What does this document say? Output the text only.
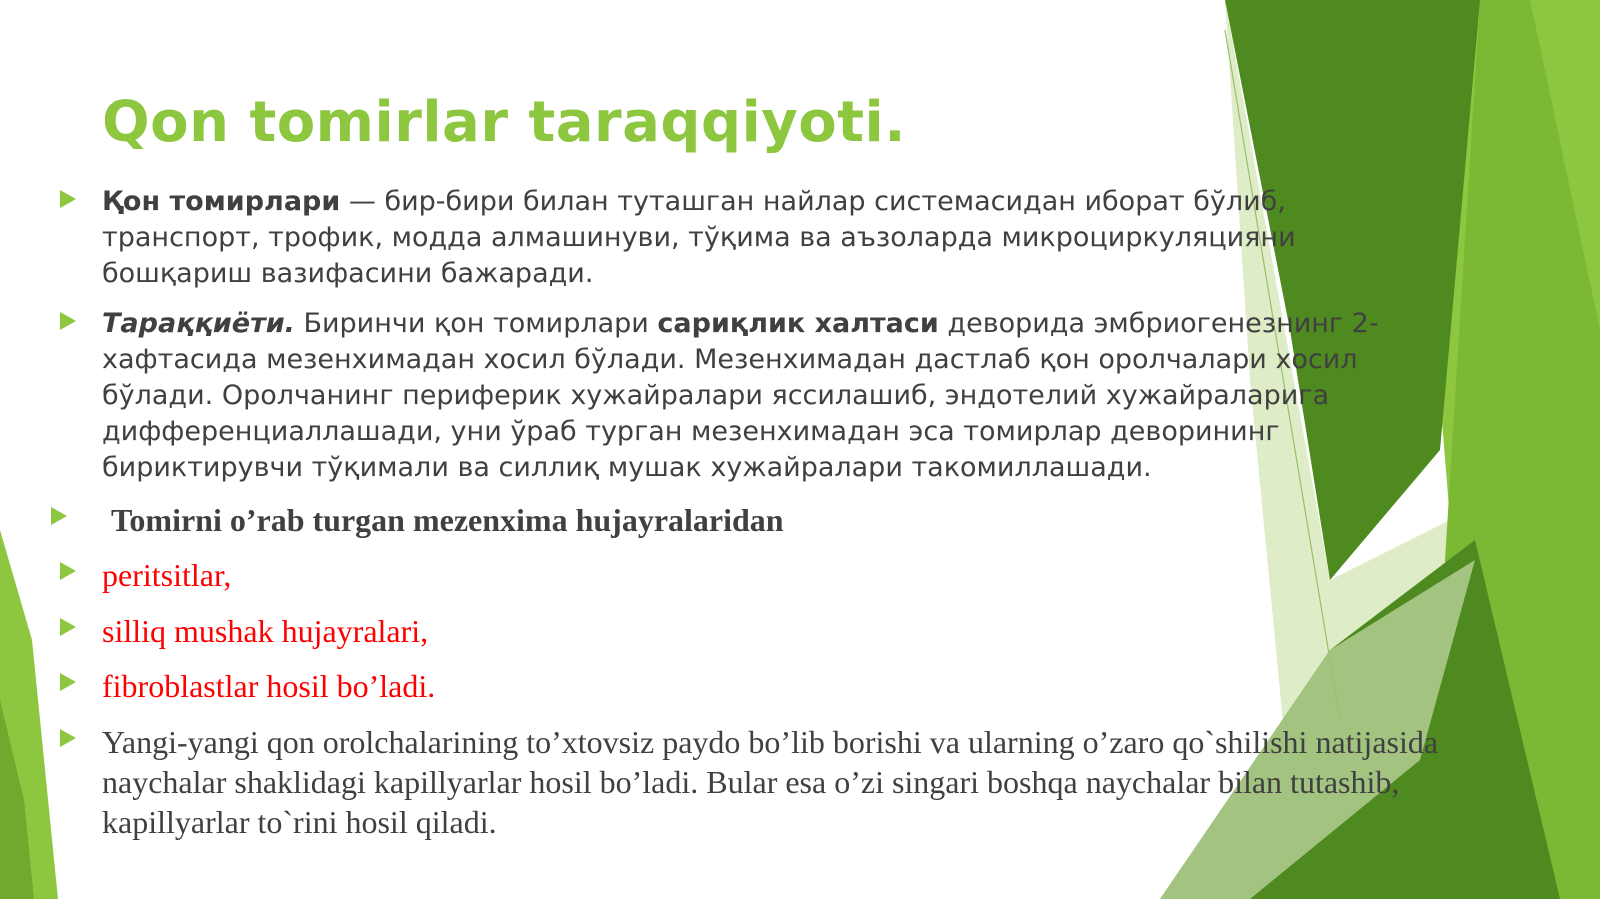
Qon tomirlar taraqqiyoti.
Қон томирлари — бир-бири билан туташган найлар системасидан иборат бўлиб, транспорт, трофик, модда алмашинуви, тўқима ва аъзоларда микроциркуляцияни бошқариш вазифасини бажаради.
Тараққиёти. Биринчи қон томирлари сариқлик халтаси деворида эмбриогенезнинг 2-хафтасида мезенхимадан хосил бўлади. Мезенхимадан дастлаб қон оролчалари хосил бўлади. Оролчанинг периферик хужайралари яссилашиб, эндотелий хужайраларига дифференциаллашади, уни ўраб турган мезенхимадан эса томирлар деворининг бириктирувчи тўқимали ва силлиқ мушак хужайралари такомиллашади.
Tomirni o’rab turgan mezenxima hujayralaridan
peritsitlar,
silliq mushak hujayralari,
fibroblastlar hosil bo’ladi.
Yangi-yangi qon orolchalarining to’xtovsiz paydo bo’lib borishi va ularning o’zaro qo`shilishi natijasida naychalar shaklidagi kapillyarlar hosil bo’ladi. Bular esa o’zi singari boshqa naychalar bilan tutashib, kapillyarlar to`rini hosil qiladi.
